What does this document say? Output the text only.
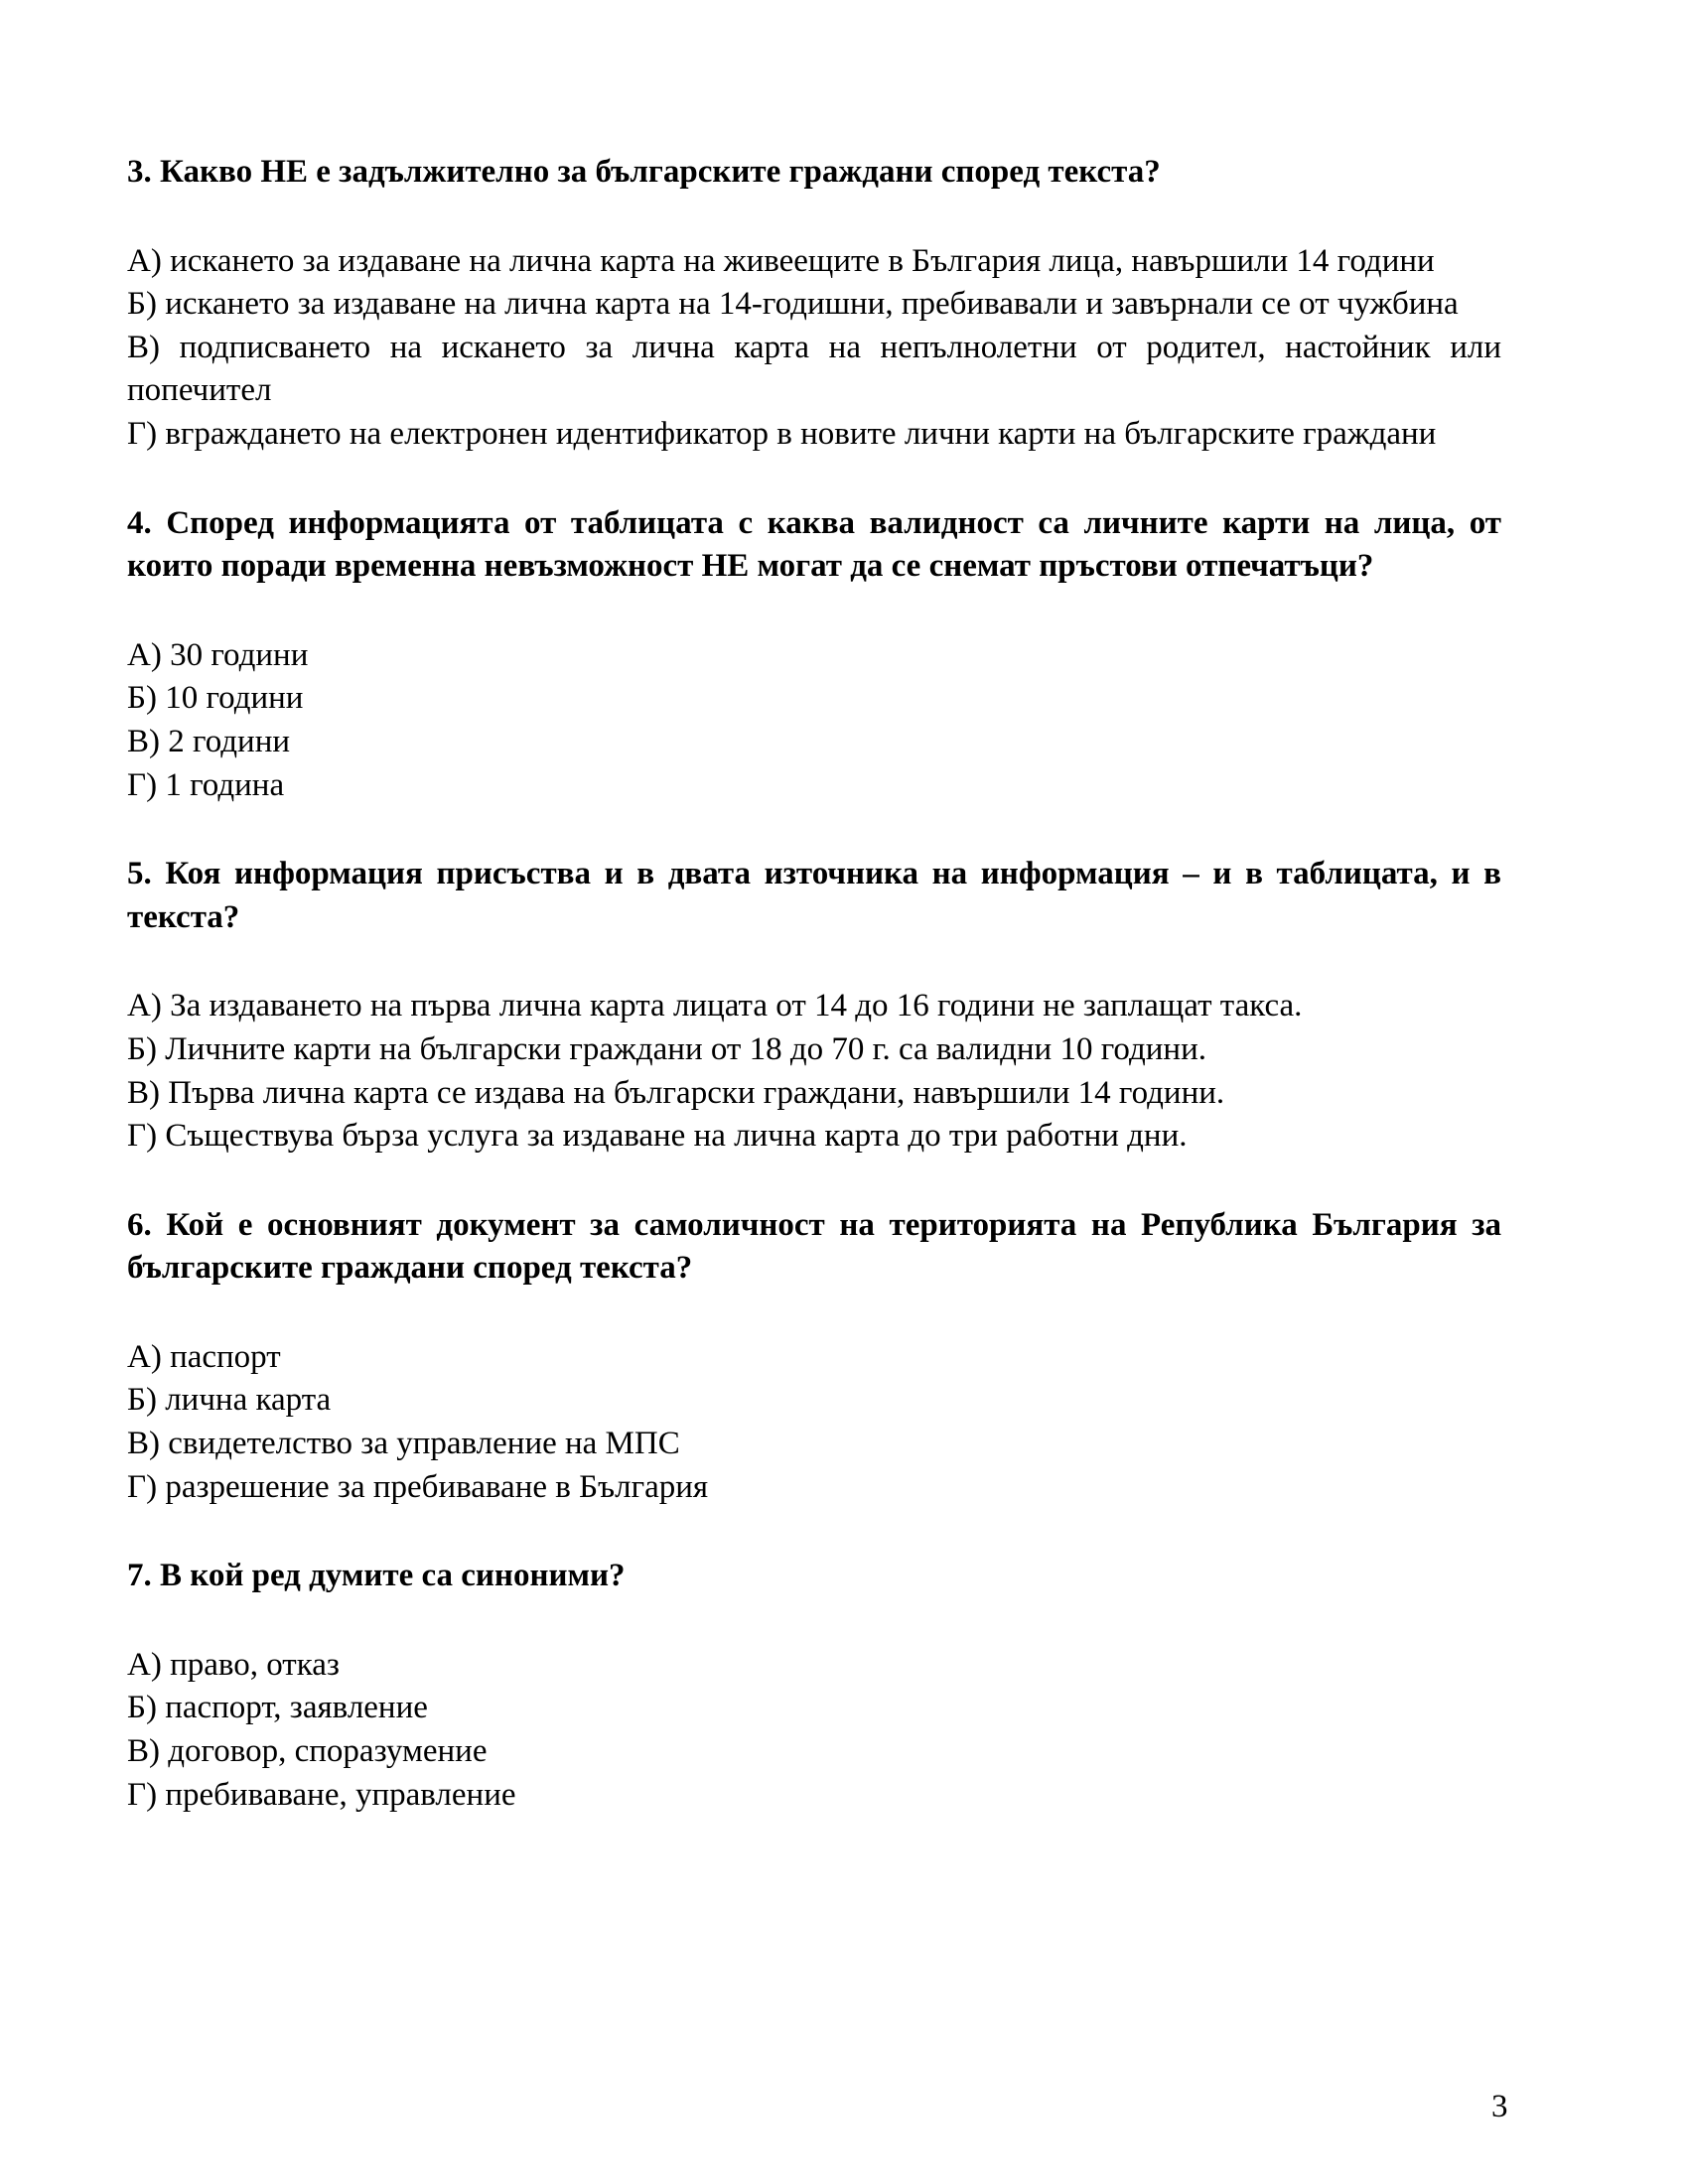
3. Какво НЕ е задължително за българските граждани според текста?

А) искането за издаване на лична карта на живеещите в България лица, навършили 14 години

Б) искането за издаване на лична карта на 14-годишни, пребивавали и завърнали се от чужбина

В) подписването на искането за лична карта на непълнолетни от родител, настойник или попечител

Г) вграждането на електронен идентификатор в новите лични карти на българските граждани

4. Според информацията от таблицата с каква валидност са личните карти на лица, от които поради временна невъзможност НЕ могат да се снемат пръстови отпечатъци?

А) 30 години

Б) 10 години

В) 2 години

Г) 1 година

5. Коя информация присъства и в двата източника на информация – и в таблицата, и в текста?

А) За издаването на първа лична карта лицата от 14 до 16 години не заплащат такса.

Б) Личните карти на български граждани от 18 до 70 г. са валидни 10 години.

В) Първа лична карта се издава на български граждани, навършили 14 години.

Г) Съществува бърза услуга за издаване на лична карта до три работни дни.

6. Кой е основният документ за самоличност на територията на Република България за българските граждани според текста?

А) паспорт

Б) лична карта

В) свидетелство за управление на МПС

Г) разрешение за пребиваване в България

7. В кой ред думите са синоними?

А) право, отказ

Б) паспорт, заявление

В) договор, споразумение

Г) пребиваване, управление

3
